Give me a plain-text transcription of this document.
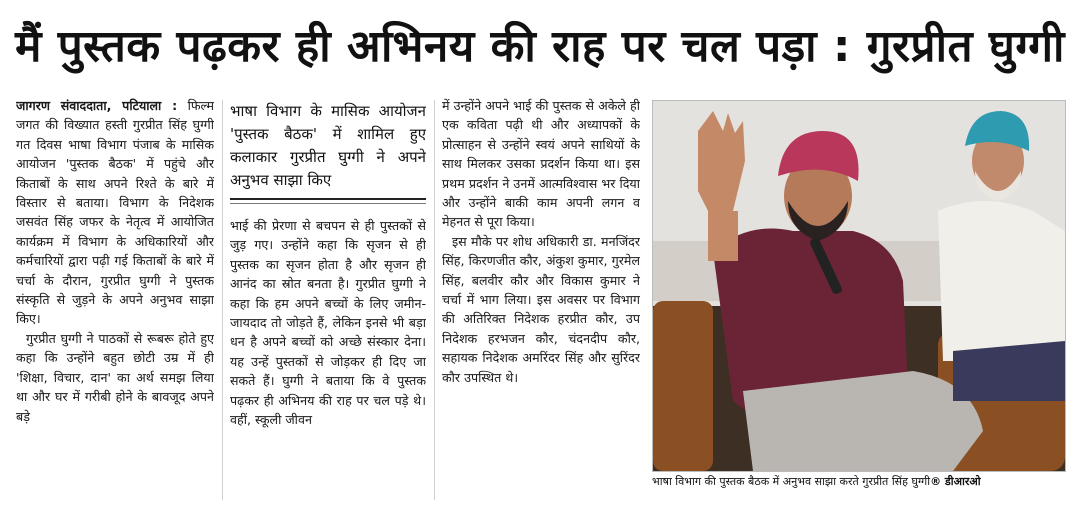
मैं पुस्तक पढ़कर ही अभिनय की राह पर चल पड़ा : गुरप्रीत घुग्गी

जागरण संवाददाता, पटियाला : फिल्म जगत की विख्यात हस्ती गुरप्रीत सिंह घुग्गी गत दिवस भाषा विभाग पंजाब के मासिक आयोजन 'पुस्तक बैठक' में पहुंचे और किताबों के साथ अपने रिश्ते के बारे में विस्तार से बताया। विभाग के निदेशक जसवंत सिंह जफर के नेतृत्व में आयोजित कार्यक्रम में विभाग के अधिकारियों और कर्मचारियों द्वारा पढ़ी गई किताबों के बारे में चर्चा के दौरान, गुरप्रीत घुग्गी ने पुस्तक संस्कृति से जुड़ने के अपने अनुभव साझा किए।

गुरप्रीत घुग्गी ने पाठकों से रूबरू होते हुए कहा कि उन्होंने बहुत छोटी उम्र में ही 'शिक्षा, विचार, दान' का अर्थ समझ लिया था और घर में गरीबी होने के बावजूद अपने बड़े

भाषा विभाग के मासिक आयोजन 'पुस्तक बैठक' में शामिल हुए कलाकार गुरप्रीत घुग्गी ने अपने अनुभव साझा किए

भाई की प्रेरणा से बचपन से ही पुस्तकों से जुड़ गए। उन्होंने कहा कि सृजन से ही पुस्तक का सृजन होता है और सृजन ही आनंद का स्रोत बनता है। गुरप्रीत घुग्गी ने कहा कि हम अपने बच्चों के लिए जमीन-जायदाद तो जोड़ते हैं, लेकिन इनसे भी बड़ा धन है अपने बच्चों को अच्छे संस्कार देना। यह उन्हें पुस्तकों से जोड़कर ही दिए जा सकते हैं। घुग्गी ने बताया कि वे पुस्तक पढ़कर ही अभिनय की राह पर चल पड़े थे। वहीं, स्कूली जीवन

में उन्होंने अपने भाई की पुस्तक से अकेले ही एक कविता पढ़ी थी और अध्यापकों के प्रोत्साहन से उन्होंने स्वयं अपने साथियों के साथ मिलकर उसका प्रदर्शन किया था। इस प्रथम प्रदर्शन ने उनमें आत्मविश्वास भर दिया और उन्होंने बाकी काम अपनी लगन व मेहनत से पूरा किया।

इस मौके पर शोध अधिकारी डा. मनजिंदर सिंह, किरणजीत कौर, अंकुश कुमार, गुरमेल सिंह, बलवीर कौर और विकास कुमार ने चर्चा में भाग लिया। इस अवसर पर विभाग की अतिरिक्त निदेशक हरप्रीत कौर, उप निदेशक हरभजन कौर, चंदनदीप कौर, सहायक निदेशक अमरिंदर सिंह और सुरिंदर कौर उपस्थित थे।

भाषा विभाग की पुस्तक बैठक में अनुभव साझा करते गुरप्रीत सिंह घुग्गी® डीआरओ
